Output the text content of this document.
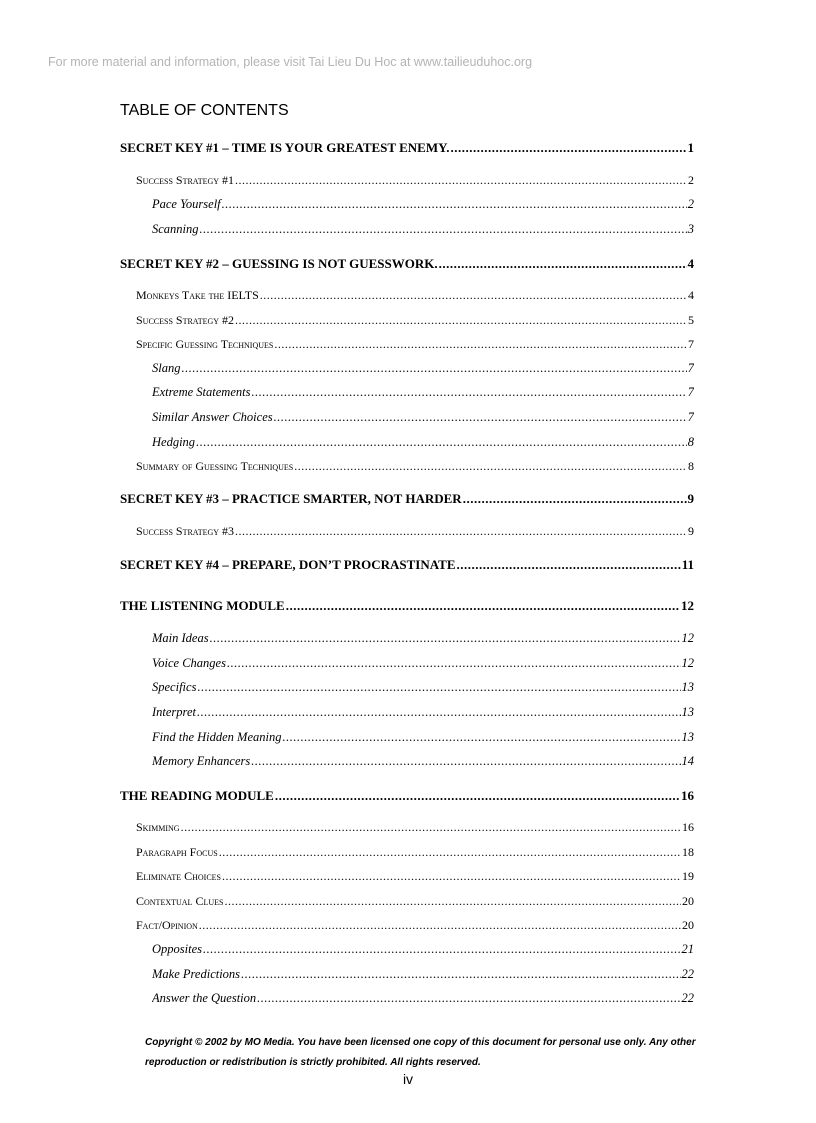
For more material and information, please visit Tai Lieu Du Hoc at www.tailieuduhoc.org
TABLE OF CONTENTS
SECRET KEY #1 – TIME IS YOUR GREATEST ENEMY. .....	1
Success Strategy #1 .....	2
Pace Yourself .....	2
Scanning .....	3
SECRET KEY #2 – GUESSING IS NOT GUESSWORK. .....	4
Monkeys Take the IELTS .....	4
Success Strategy #2 .....	5
Specific Guessing Techniques .....	7
Slang .....	7
Extreme Statements .....	7
Similar Answer Choices .....	7
Hedging .....	8
Summary of Guessing Techniques .....	8
SECRET KEY #3 – PRACTICE SMARTER, NOT HARDER .....	9
Success Strategy #3 .....	9
SECRET KEY #4 – PREPARE, DON’T PROCRASTINATE .....	11
THE LISTENING MODULE .....	12
Main Ideas .....	12
Voice Changes .....	12
Specifics .....	13
Interpret .....	13
Find the Hidden Meaning .....	13
Memory Enhancers .....	14
THE READING MODULE .....	16
Skimming .....	16
Paragraph Focus .....	18
Eliminate Choices .....	19
Contextual Clues .....	20
Fact/Opinion .....	20
Opposites .....	21
Make Predictions .....	22
Answer the Question .....	22
Copyright © 2002 by MO Media. You have been licensed one copy of this document for personal use only. Any other reproduction or redistribution is strictly prohibited. All rights reserved.
iv
